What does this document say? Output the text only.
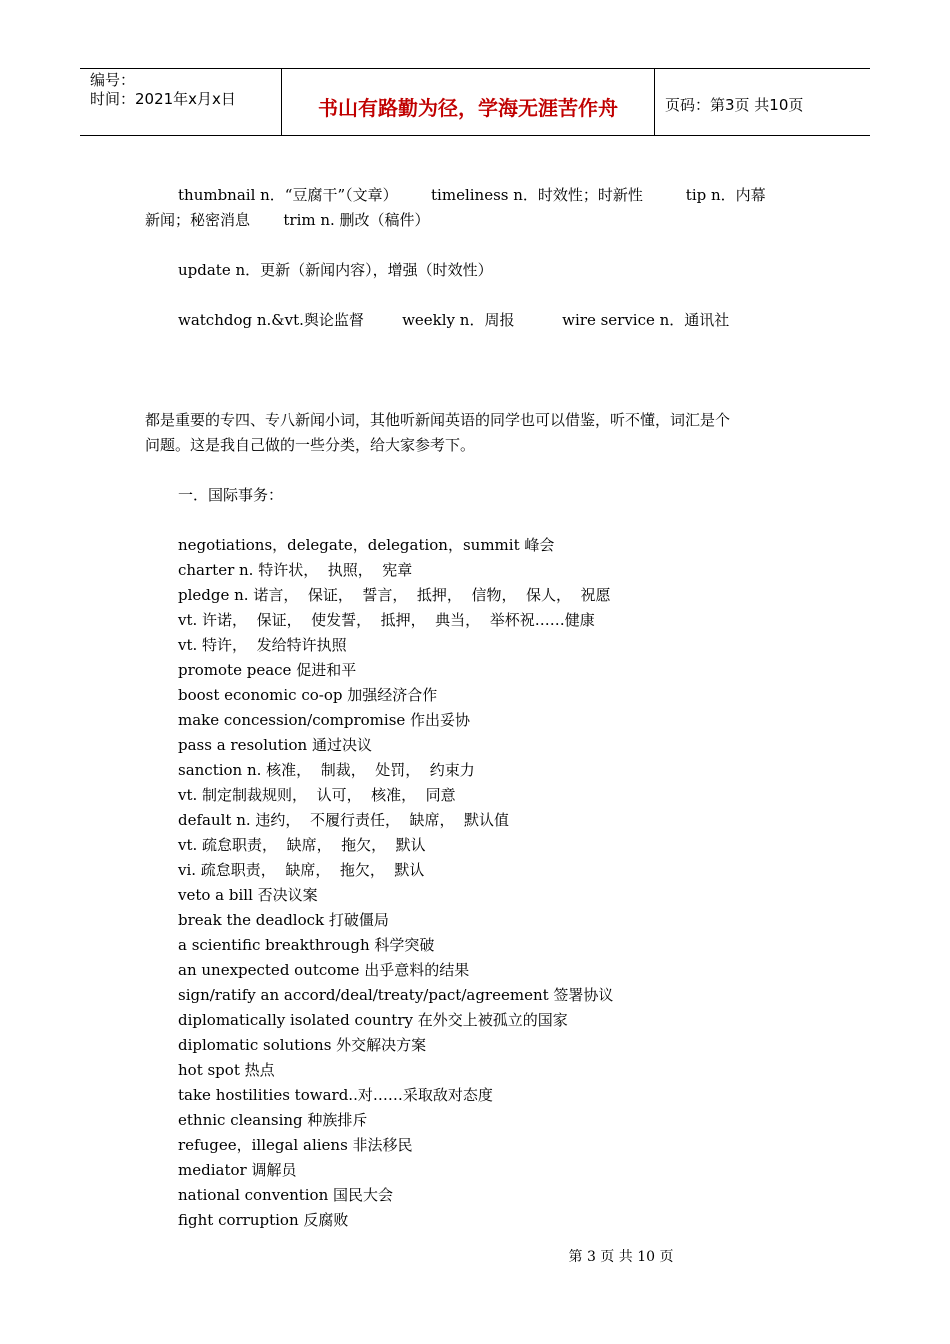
编号：
时间：2021年x月x日	书山有路勤为径，学海无涯苦作舟	页码：第3页 共10页

thumbnail n．“豆腐干”（文章）       timeliness n．时效性；时新性         tip n．内幕

新闻；秘密消息       trim n. 删改（稿件）

update n．更新（新闻内容），增强（时效性）

watchdog n.&vt.舆论监督        weekly n．周报          wire service n．通讯社

都是重要的专四、专八新闻小词，其他听新闻英语的同学也可以借鉴，听不懂，词汇是个

问题。这是我自己做的一些分类，给大家参考下。

一．国际事务：

negotiations，delegate，delegation，summit 峰会

charter n. 特许状，  执照，  宪章

pledge n. 诺言，  保证，  誓言，  抵押，  信物，  保人，  祝愿

vt. 许诺，  保证，  使发誓，  抵押，  典当，  举杯祝……健康

vt. 特许，  发给特许执照

promote peace 促进和平

boost economic co-op 加强经济合作

make concession/compromise 作出妥协

pass a resolution 通过决议

sanction n. 核准，  制裁，  处罚，  约束力

vt. 制定制裁规则，  认可，  核准，  同意

default n. 违约，  不履行责任，  缺席，  默认值

vt. 疏怠职责，  缺席，  拖欠，  默认

vi. 疏怠职责，  缺席，  拖欠，  默认

veto a bill 否决议案

break the deadlock 打破僵局

a scientific breakthrough 科学突破

an unexpected outcome 出乎意料的结果

sign/ratify an accord/deal/treaty/pact/agreement 签署协议

diplomatically isolated country 在外交上被孤立的国家

diplomatic solutions 外交解决方案

hot spot 热点

take hostilities toward..对……采取敌对态度

ethnic cleansing 种族排斥

refugee，illegal aliens 非法移民

mediator 调解员

national convention 国民大会

fight corruption 反腐败

第 3 页 共 10 页
